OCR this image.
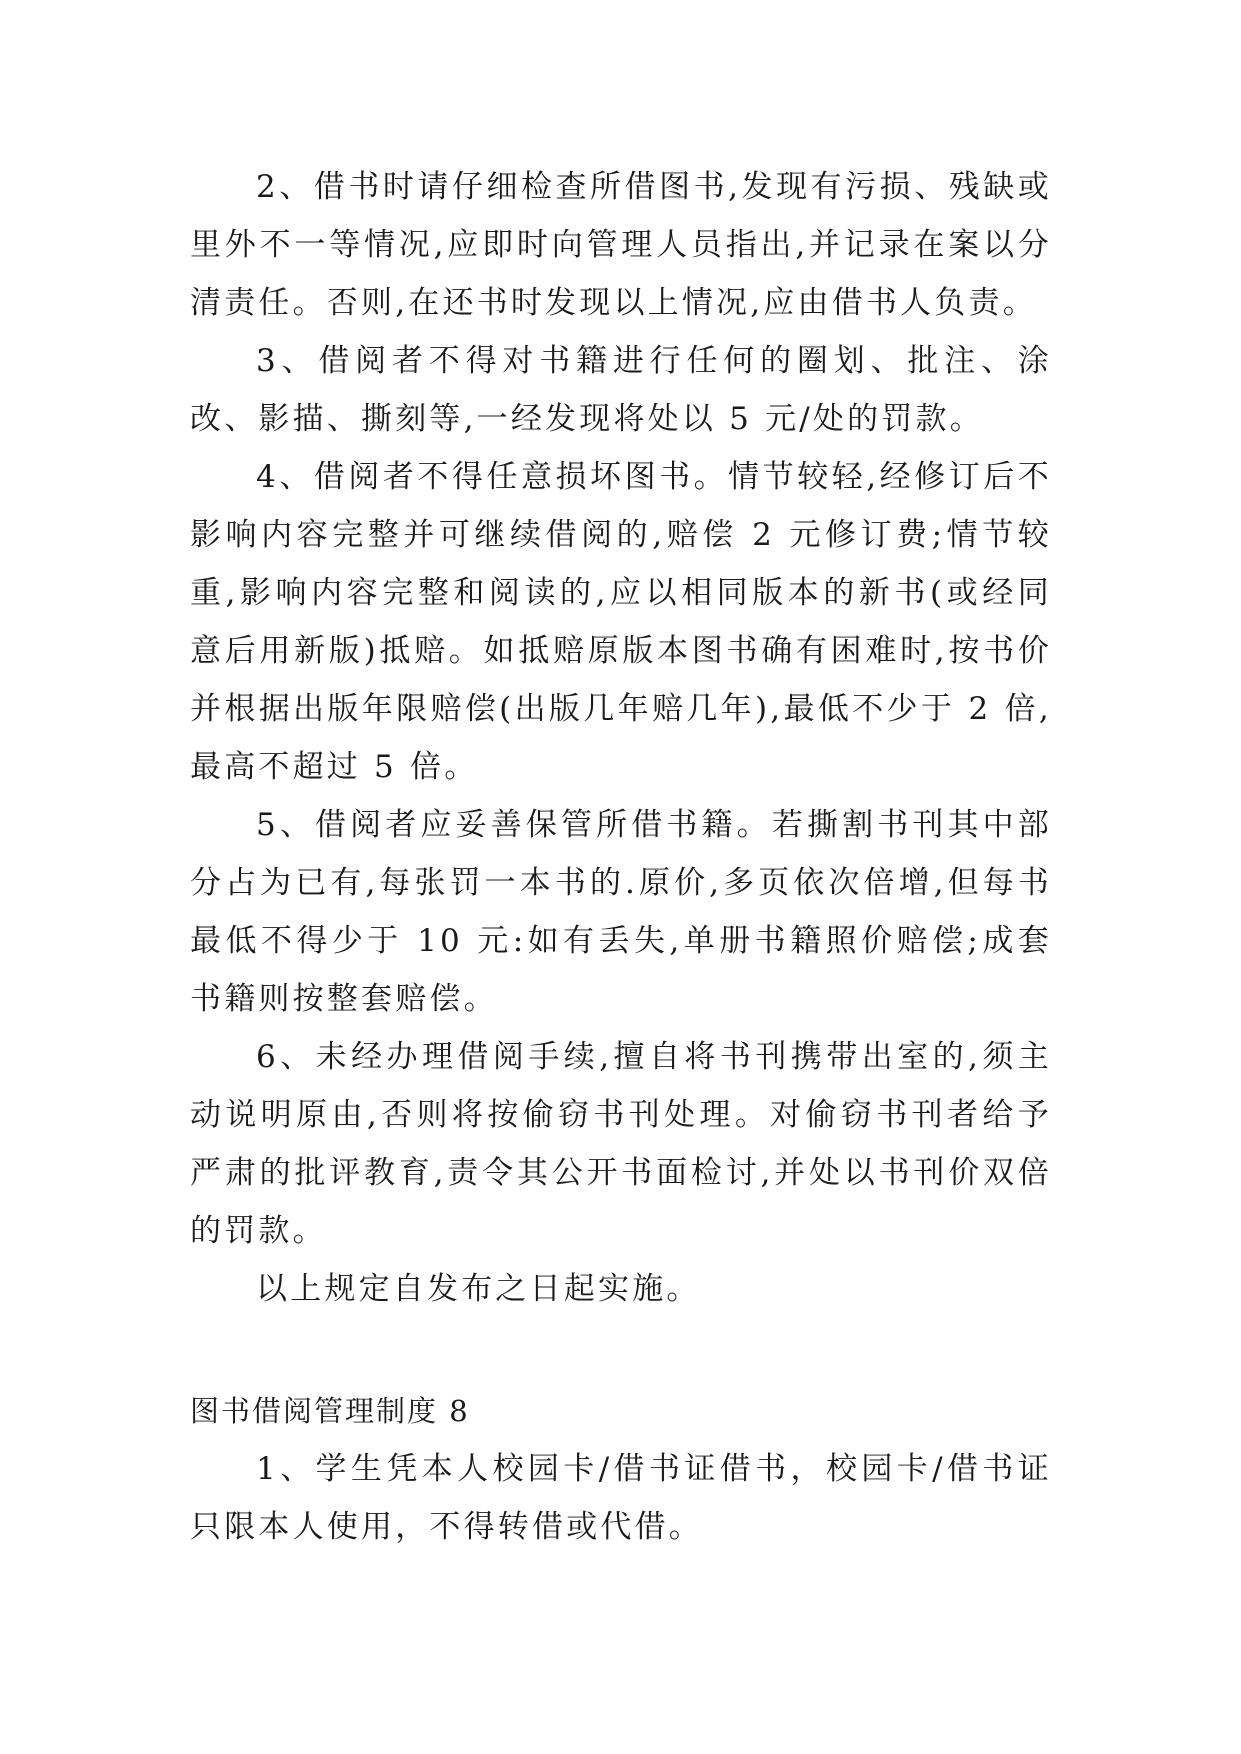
2、借书时请仔细检查所借图书,发现有污损、残缺或里外不一等情况,应即时向管理人员指出,并记录在案以分清责任。否则,在还书时发现以上情况,应由借书人负责。

3、借阅者不得对书籍进行任何的圈划、批注、涂改、影描、撕刻等,一经发现将处以 5 元/处的罚款。

4、借阅者不得任意损坏图书。情节较轻,经修订后不影响内容完整并可继续借阅的,赔偿 2 元修订费;情节较重,影响内容完整和阅读的,应以相同版本的新书(或经同意后用新版)抵赔。如抵赔原版本图书确有困难时,按书价并根据出版年限赔偿(出版几年赔几年),最低不少于 2 倍,最高不超过 5 倍。

5、借阅者应妥善保管所借书籍。若撕割书刊其中部分占为已有,每张罚一本书的.原价,多页依次倍增,但每书最低不得少于 10 元:如有丢失,单册书籍照价赔偿;成套书籍则按整套赔偿。

6、未经办理借阅手续,擅自将书刊携带出室的,须主动说明原由,否则将按偷窃书刊处理。对偷窃书刊者给予严肃的批评教育,责令其公开书面检讨,并处以书刊价双倍的罚款。

以上规定自发布之日起实施。

图书借阅管理制度 8

1、学生凭本人校园卡/借书证借书，校园卡/借书证只限本人使用，不得转借或代借。
